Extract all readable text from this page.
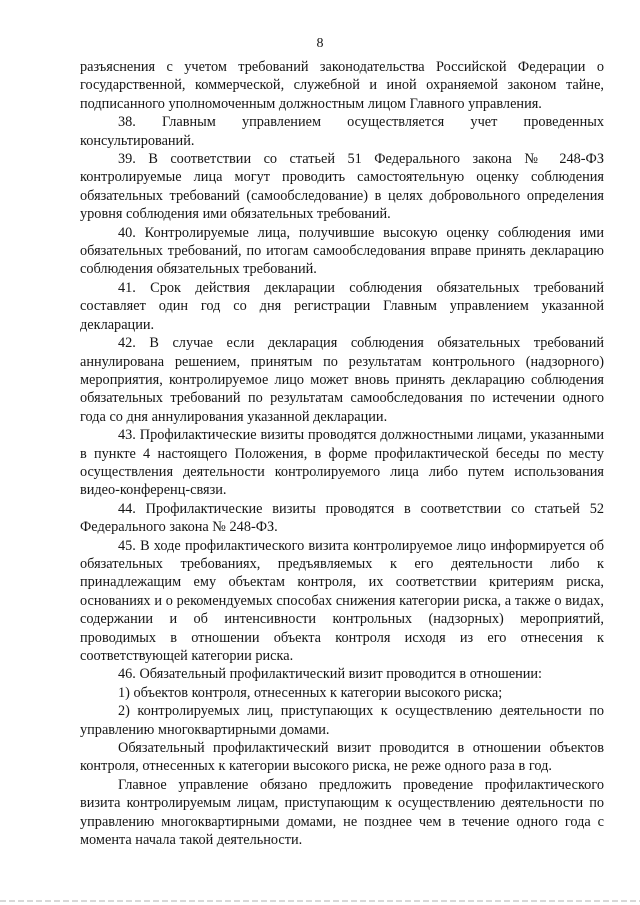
8

разъяснения с учетом требований законодательства Российской Федерации о государственной, коммерческой, служебной и иной охраняемой законом тайне, подписанного уполномоченным должностным лицом Главного управления.

38. Главным управлением осуществляется учет проведенных консультирований.

39. В соответствии со статьей 51 Федерального закона № 248-ФЗ контролируемые лица могут проводить самостоятельную оценку соблюдения обязательных требований (самообследование) в целях добровольного определения уровня соблюдения ими обязательных требований.

40. Контролируемые лица, получившие высокую оценку соблюдения ими обязательных требований, по итогам самообследования вправе принять декларацию соблюдения обязательных требований.

41. Срок действия декларации соблюдения обязательных требований составляет один год со дня регистрации Главным управлением указанной декларации.

42. В случае если декларация соблюдения обязательных требований аннулирована решением, принятым по результатам контрольного (надзорного) мероприятия, контролируемое лицо может вновь принять декларацию соблюдения обязательных требований по результатам самообследования по истечении одного года со дня аннулирования указанной декларации.

43. Профилактические визиты проводятся должностными лицами, указанными в пункте 4 настоящего Положения, в форме профилактической беседы по месту осуществления деятельности контролируемого лица либо путем использования видео-конференц-связи.

44. Профилактические визиты проводятся в соответствии со статьей 52 Федерального закона № 248-ФЗ.

45. В ходе профилактического визита контролируемое лицо информируется об обязательных требованиях, предъявляемых к его деятельности либо к принадлежащим ему объектам контроля, их соответствии критериям риска, основаниях и о рекомендуемых способах снижения категории риска, а также о видах, содержании и об интенсивности контрольных (надзорных) мероприятий, проводимых в отношении объекта контроля исходя из его отнесения к соответствующей категории риска.

46. Обязательный профилактический визит проводится в отношении:

1) объектов контроля, отнесенных к категории высокого риска;

2) контролируемых лиц, приступающих к осуществлению деятельности по управлению многоквартирными домами.

Обязательный профилактический визит проводится в отношении объектов контроля, отнесенных к категории высокого риска, не реже одного раза в год.

Главное управление обязано предложить проведение профилактического визита контролируемым лицам, приступающим к осуществлению деятельности по управлению многоквартирными домами, не позднее чем в течение одного года с момента начала такой деятельности.
